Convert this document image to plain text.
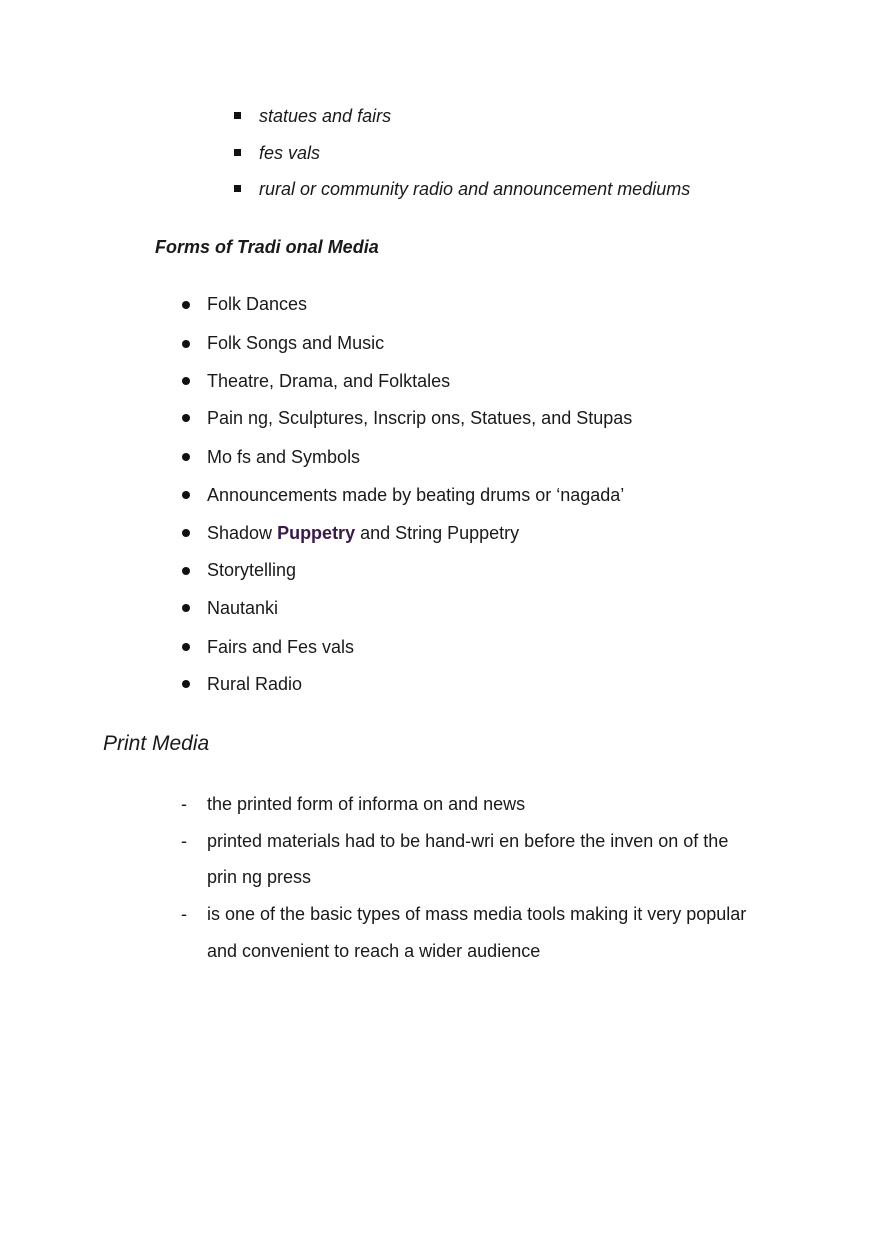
statues and fairs
fes vals
rural or community radio and announcement mediums
Forms of Tradi onal Media
Folk Dances
Folk Songs and Music
Theatre, Drama, and Folktales
Pain ng, Sculptures, Inscrip ons, Statues, and Stupas
Mo fs and Symbols
Announcements made by beating drums or ‘nagada’
Shadow Puppetry and String Puppetry
Storytelling
Nautanki
Fairs and Fes vals
Rural Radio
Print Media
- the printed form of informa on and news
- printed materials had to be hand-wri en before the inven on of the
prin ng press
- is one of the basic types of mass media tools making it very popular
and convenient to reach a wider audience
